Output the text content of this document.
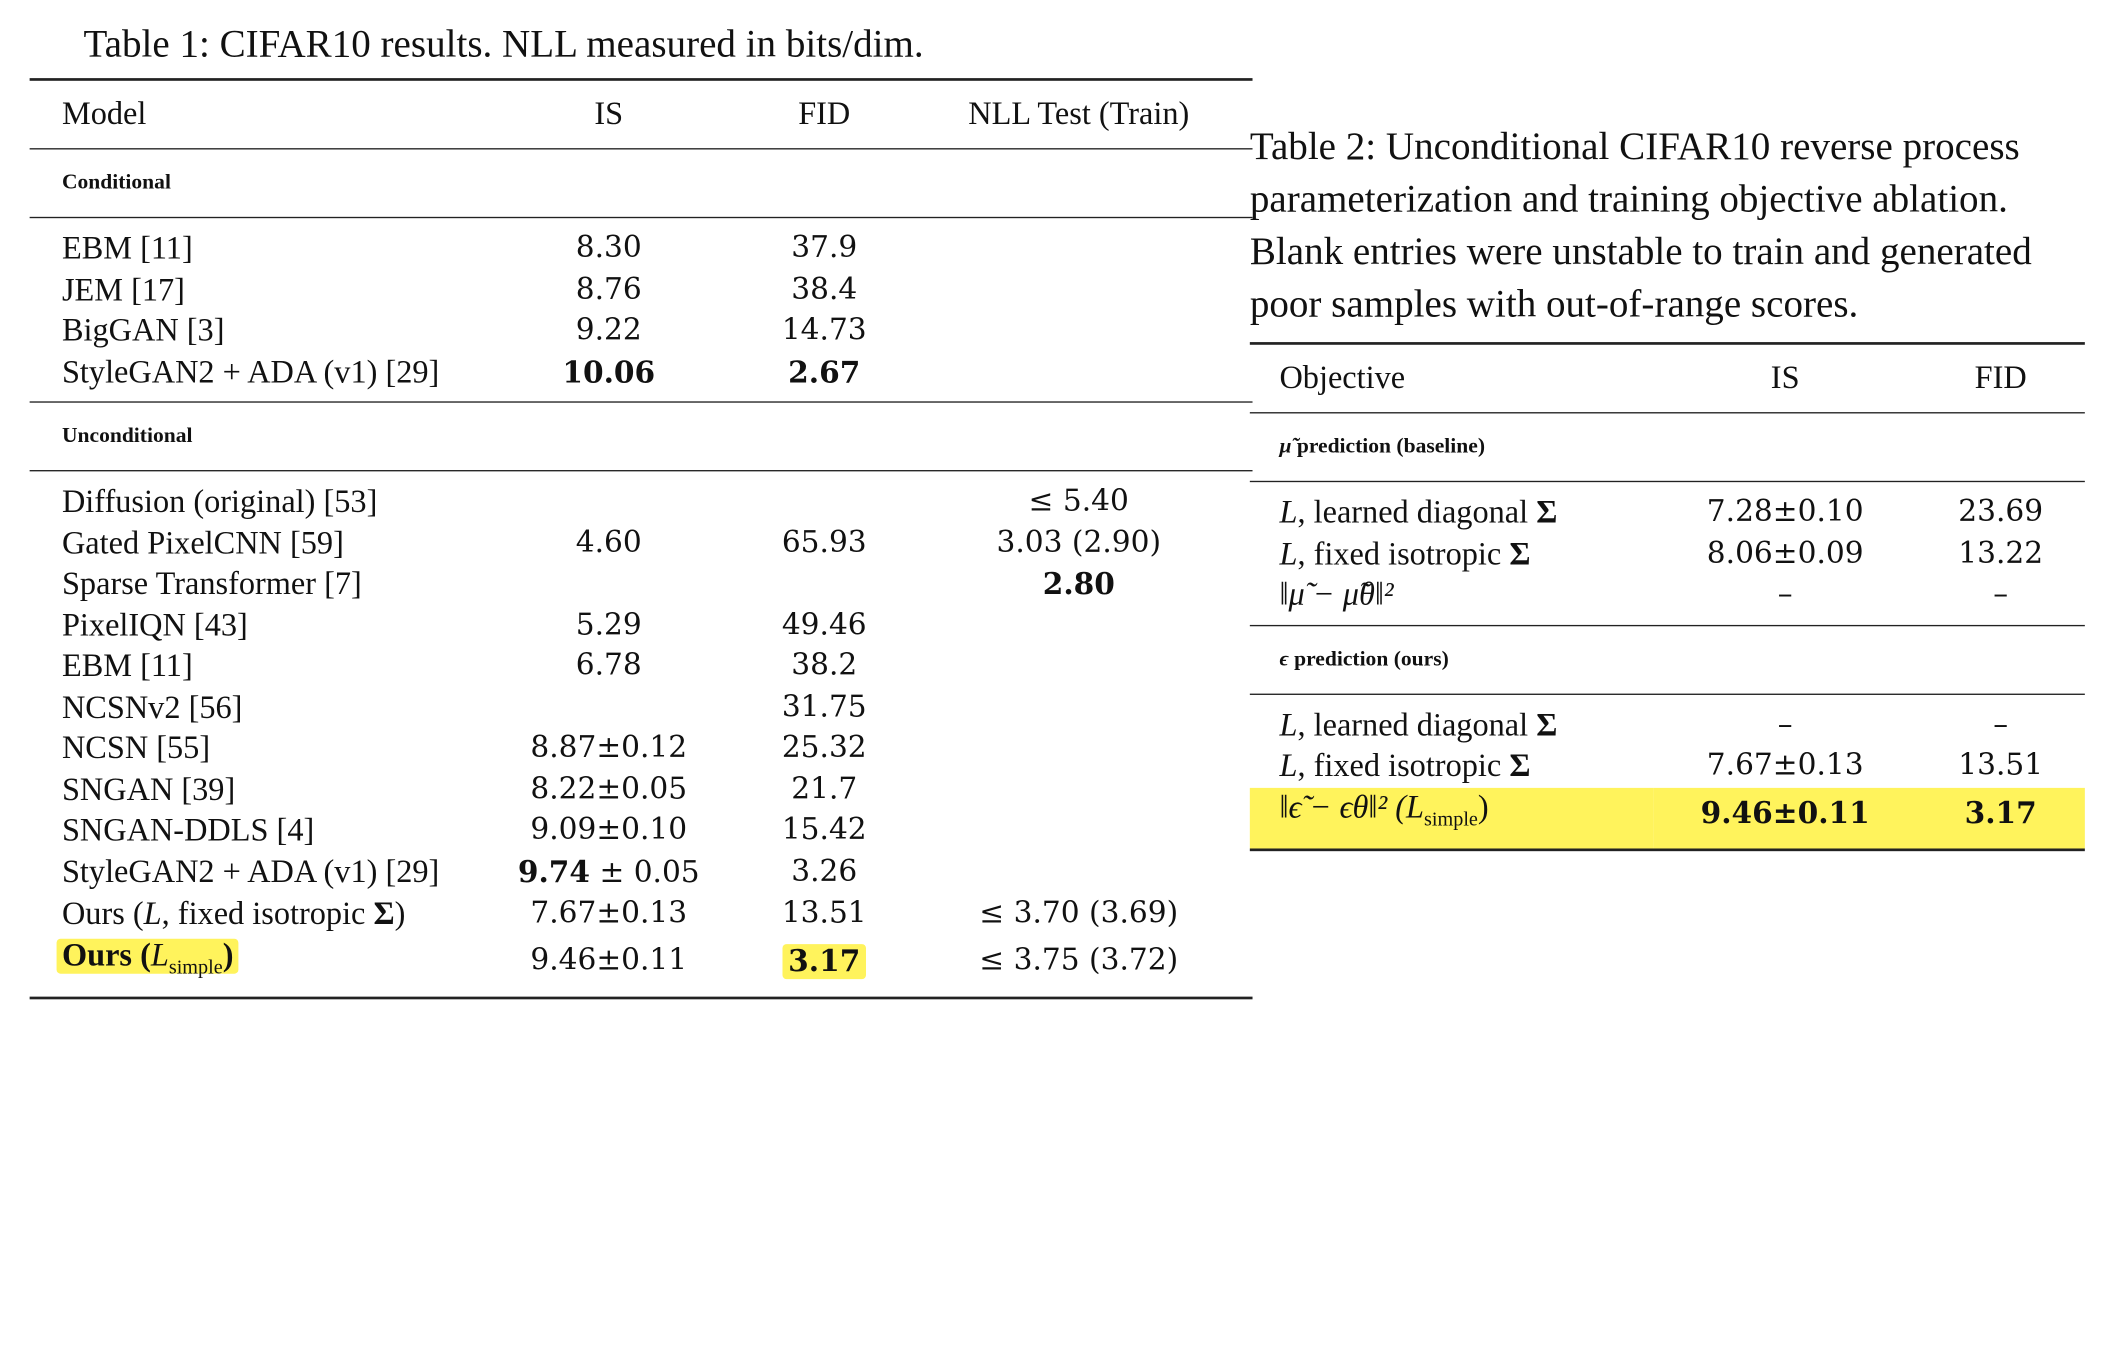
Table 1: CIFAR10 results. NLL measured in bits/dim.
Model	IS	FID	NLL Test (Train)
Conditional
EBM [11]	8.30	37.9	
JEM [17]	8.76	38.4	
BigGAN [3]	9.22	14.73	
StyleGAN2 + ADA (v1) [29]	10.06	2.67	
Unconditional
Diffusion (original) [53]			≤ 5.40
Gated PixelCNN [59]	4.60	65.93	3.03 (2.90)
Sparse Transformer [7]			2.80
PixelIQN [43]	5.29	49.46	
EBM [11]	6.78	38.2	
NCSNv2 [56]		31.75	
NCSN [55]	8.87±0.12	25.32	
SNGAN [39]	8.22±0.05	21.7	
SNGAN-DDLS [4]	9.09±0.10	15.42	
StyleGAN2 + ADA (v1) [29]	9.74 ± 0.05	3.26	
Ours (L, fixed isotropic Σ)	7.67±0.13	13.51	≤ 3.70 (3.69)
Ours $(L_{simple})$	9.46±0.11	3.17	≤ 3.75 (3.72)
Table 2: Unconditional CIFAR10 reverse process parameterization and training objective ablation. Blank entries were unstable to train and generated poor samples with out-of-range scores.
Objective	IS	FID
μ̃ prediction (baseline)
L, learned diagonal Σ	7.28±0.10	23.69
L, fixed isotropic Σ	8.06±0.09	13.22
‖μ̃ − μ̃θ‖²	–	–
ϵ prediction (ours)
L, learned diagonal Σ	–	–
L, fixed isotropic Σ	7.67±0.13	13.51
‖ϵ̃ − ϵθ‖² $(L_{simple})$	9.46±0.11	3.17
